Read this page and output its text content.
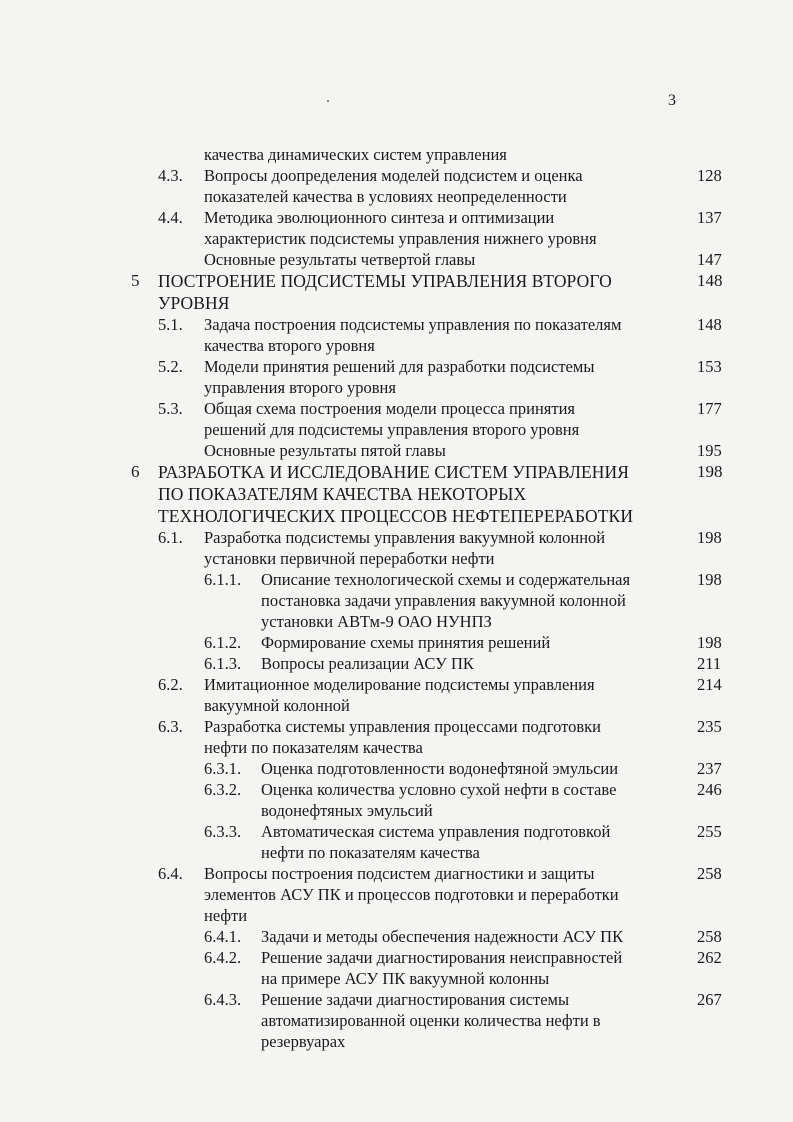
3
качества динамических систем управления
4.3. Вопросы доопределения моделей подсистем и оценка	128
показателей качества в условиях неопределенности
4.4. Методика эволюционного синтеза и оптимизации	137
характеристик подсистемы управления нижнего уровня
Основные результаты четвертой главы	147
5 ПОСТРОЕНИЕ ПОДСИСТЕМЫ УПРАВЛЕНИЯ ВТОРОГО	148
УРОВНЯ
5.1. Задача построения подсистемы управления по показателям	148
качества второго уровня
5.2. Модели принятия решений для разработки подсистемы	153
управления второго уровня
5.3. Общая схема построения модели процесса принятия	177
решений для подсистемы управления второго уровня
Основные результаты пятой главы	195
6 РАЗРАБОТКА И ИССЛЕДОВАНИЕ СИСТЕМ УПРАВЛЕНИЯ	198
ПО ПОКАЗАТЕЛЯМ КАЧЕСТВА НЕКОТОРЫХ
ТЕХНОЛОГИЧЕСКИХ ПРОЦЕССОВ НЕФТЕПЕРЕРАБОТКИ
6.1. Разработка подсистемы управления вакуумной колонной	198
установки первичной переработки нефти
6.1.1. Описание технологической схемы и содержательная	198
постановка задачи управления вакуумной колонной
установки АВТм-9 ОАО НУНПЗ
6.1.2. Формирование схемы принятия решений	198
6.1.3. Вопросы реализации АСУ ПК	211
6.2. Имитационное моделирование подсистемы управления	214
вакуумной колонной
6.3. Разработка системы управления процессами подготовки	235
нефти по показателям качества
6.3.1. Оценка подготовленности водонефтяной эмульсии	237
6.3.2. Оценка количества условно сухой нефти в составе	246
водонефтяных эмульсий
6.3.3. Автоматическая система управления подготовкой	255
нефти по показателям качества
6.4. Вопросы построения подсистем диагностики и защиты	258
элементов АСУ ПК и процессов подготовки и переработки
нефти
6.4.1. Задачи и методы обеспечения надежности АСУ ПК	258
6.4.2. Решение задачи диагностирования неисправностей	262
на примере АСУ ПК вакуумной колонны
6.4.3. Решение задачи диагностирования системы	267
автоматизированной оценки количества нефти в
резервуарах
